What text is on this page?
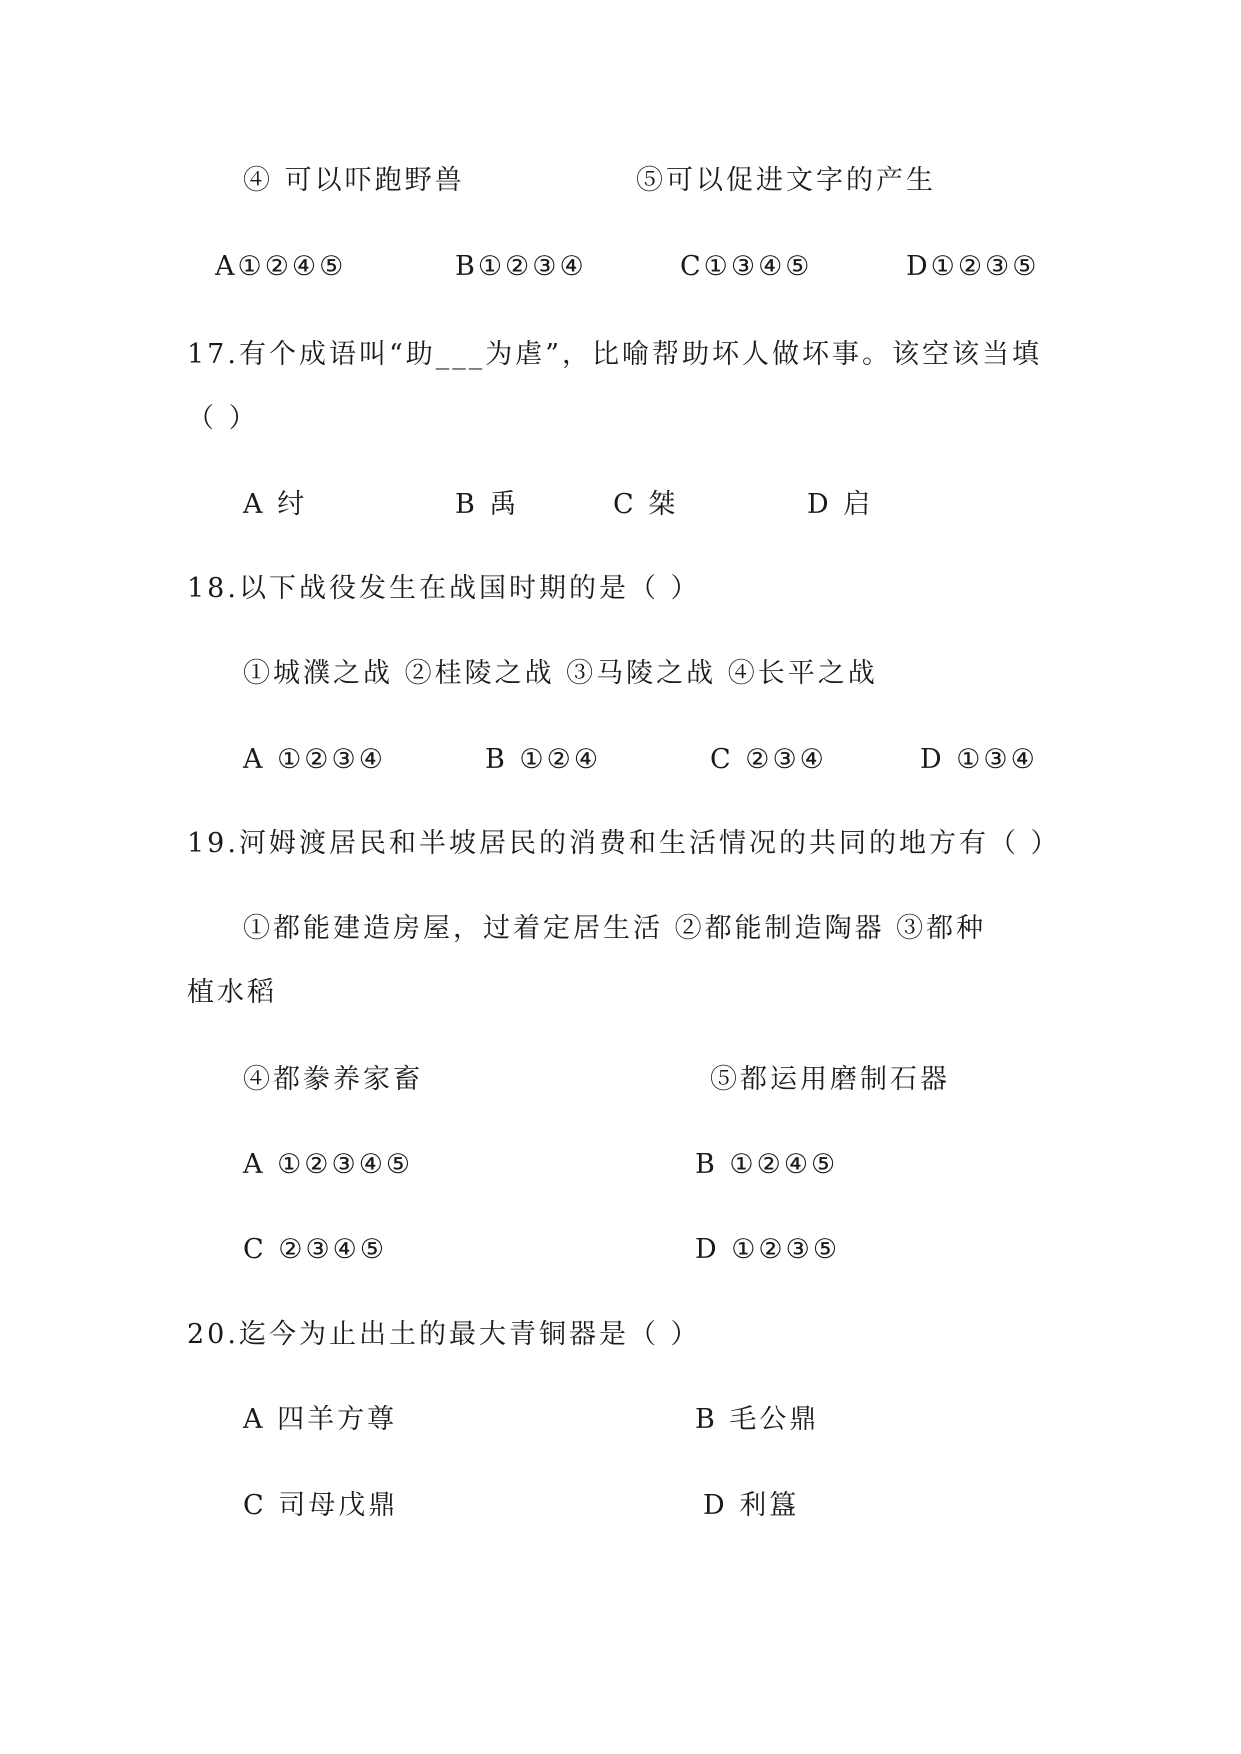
④ 可以吓跑野兽	⑤可以促进文字的产生
A①②④⑤	B①②③④	C①③④⑤	D①②③⑤
17.有个成语叫“助___为虐”，比喻帮助坏人做坏事。该空该当填
（ ）
A 纣	B 禹	C 桀	D 启
18.以下战役发生在战国时期的是（ ）
①城濮之战 ②桂陵之战 ③马陵之战 ④长平之战
A ①②③④	B ①②④	C ②③④	D ①③④
19.河姆渡居民和半坡居民的消费和生活情况的共同的地方有（ ）
①都能建造房屋，过着定居生活 ②都能制造陶器 ③都种
植水稻
④都豢养家畜	⑤都运用磨制石器
A ①②③④⑤	B ①②④⑤
C ②③④⑤	D ①②③⑤
20.迄今为止出土的最大青铜器是（ ）
A 四羊方尊	B 毛公鼎
C 司母戊鼎	D 利簋
